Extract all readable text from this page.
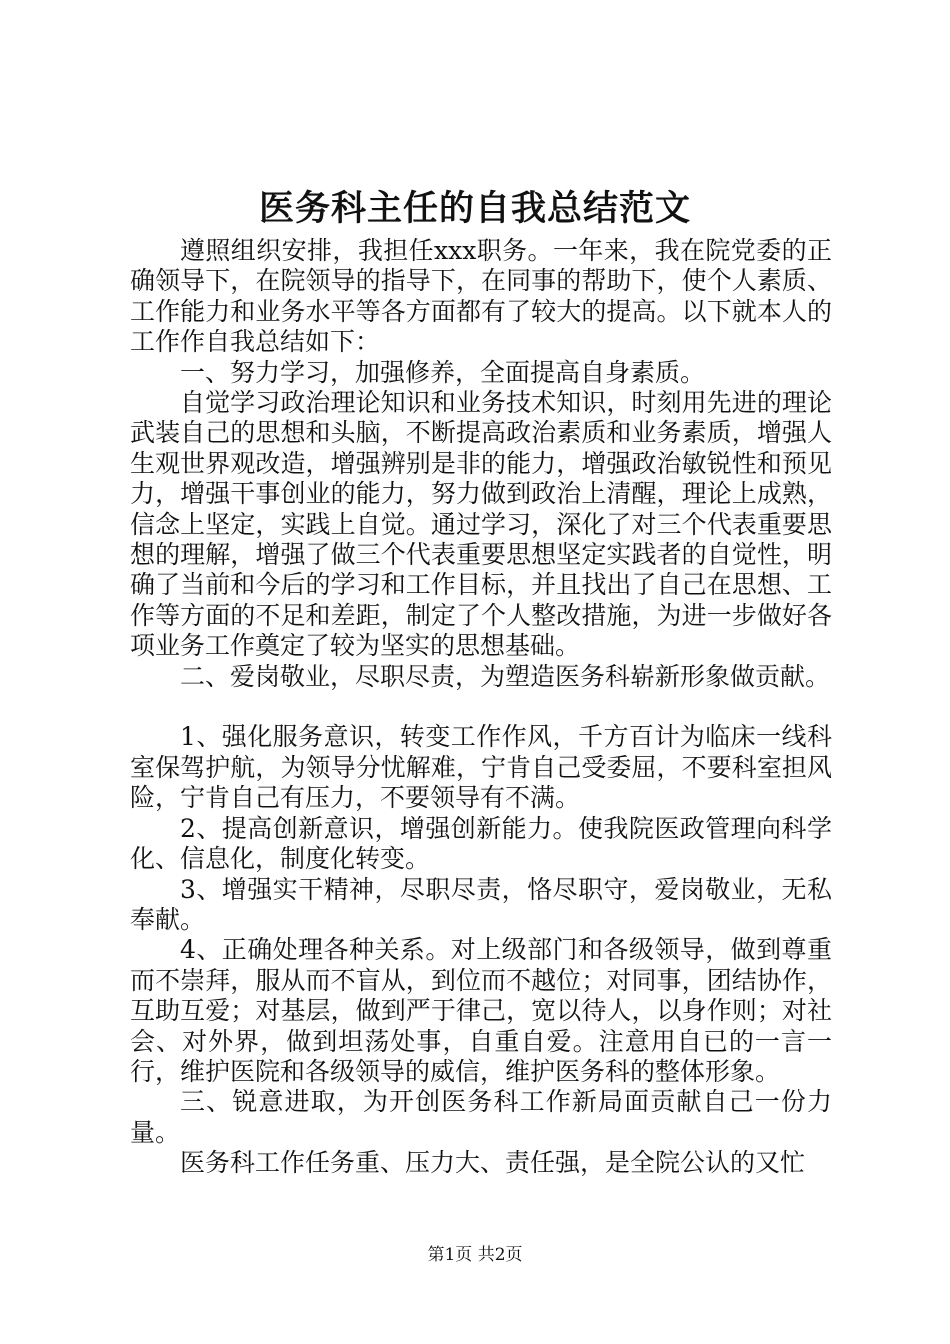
医务科主任的自我总结范文

遵照组织安排，我担任xxx职务。一年来，我在院党委的正确领导下，在院领导的指导下，在同事的帮助下，使个人素质、工作能力和业务水平等各方面都有了较大的提高。以下就本人的工作作自我总结如下：

一、努力学习，加强修养，全面提高自身素质。

自觉学习政治理论知识和业务技术知识，时刻用先进的理论武装自己的思想和头脑，不断提高政治素质和业务素质，增强人生观世界观改造，增强辨别是非的能力，增强政治敏锐性和预见力，增强干事创业的能力，努力做到政治上清醒，理论上成熟，信念上坚定，实践上自觉。通过学习，深化了对三个代表重要思想的理解，增强了做三个代表重要思想坚定实践者的自觉性，明确了当前和今后的学习和工作目标，并且找出了自己在思想、工作等方面的不足和差距，制定了个人整改措施，为进一步做好各项业务工作奠定了较为坚实的思想基础。

二、爱岗敬业，尽职尽责，为塑造医务科崭新形象做贡献。

1、强化服务意识，转变工作作风，千方百计为临床一线科室保驾护航，为领导分忧解难，宁肯自己受委屈，不要科室担风险，宁肯自己有压力，不要领导有不满。

2、提高创新意识，增强创新能力。使我院医政管理向科学化、信息化，制度化转变。

3、增强实干精神，尽职尽责，恪尽职守，爱岗敬业，无私奉献。

4、正确处理各种关系。对上级部门和各级领导，做到尊重而不崇拜，服从而不盲从，到位而不越位；对同事，团结协作，互助互爱；对基层，做到严于律己，宽以待人，以身作则；对社会、对外界，做到坦荡处事，自重自爱。注意用自已的一言一行，维护医院和各级领导的威信，维护医务科的整体形象。

三、锐意进取，为开创医务科工作新局面贡献自己一份力量。

医务科工作任务重、压力大、责任强，是全院公认的又忙

第1页 共2页
